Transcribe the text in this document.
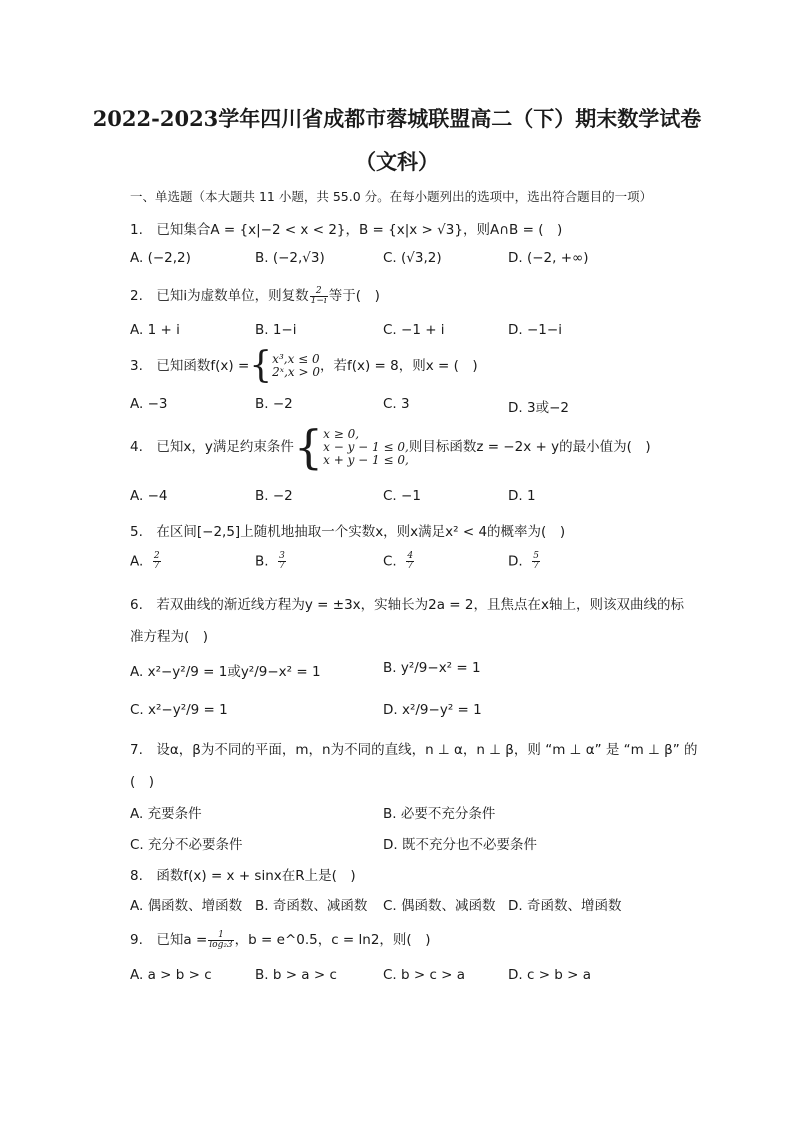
2022-2023学年四川省成都市蓉城联盟高二（下）期末数学试卷
（文科）
一、单选题（本大题共 11 小题，共 55.0 分。在每小题列出的选项中，选出符合题目的一项）
1.　已知集合A = {x|−2 < x < 2}，B = {x|x > √3}，则A∩B = (　)
A. (−2,2)	B. (−2,√3)	C. (√3,2)	D. (−2, +∞)
2.　已知i为虚数单位，则复数 $\frac{2}{1-i}$ 等于(　)
A. 1 + i	B. 1−i	C. −1 + i	D. −1−i
3.　已知函数f(x) ={ x³,x ≤ 0
2ˣ,x > 0 ，若f(x) = 8，则x = (　)
A. −3	B. −2	C. 3	D. 3或−2
4.　已知x，y满足约束条件{ x ≥ 0,
x − y − 1 ≤ 0,
x + y − 1 ≤ 0,
则目标函数z = −2x + y的最小值为(　)
A. −4	B. −2	C. −1	D. 1
5.　在区间[−2,5]上随机地抽取一个实数x，则x满足x² < 4的概率为(　)
A. $\frac{2}{7}$	B. $\frac{3}{7}$	C. $\frac{4}{7}$	D. $\frac{5}{7}$
6.　若双曲线的渐近线方程为y = ±3x，实轴长为2a = 2，且焦点在x轴上，则该双曲线的标
准方程为(　)
A. x²−y²/9 = 1或y²/9−x² = 1	B. y²/9−x² = 1
C. x²−y²/9 = 1	D. x²/9−y² = 1
7.　设α，β为不同的平面，m，n为不同的直线，n ⊥ α，n ⊥ β，则 “m ⊥ α” 是 “m ⊥ β” 的
(　)
A. 充要条件	B. 必要不充分条件
C. 充分不必要条件	D. 既不充分也不必要条件
8.　函数f(x) = x + sinx在R上是(　)
A. 偶函数、增函数 B. 奇函数、减函数 C. 偶函数、减函数 D. 奇函数、增函数
9.　已知$a = \frac{1}{\text{log₂3}}$ ，b = e^0.5，c = ln2，则(　)
A. a > b > c	B. b > a > c	C. b > c > a	D. c > b > a
